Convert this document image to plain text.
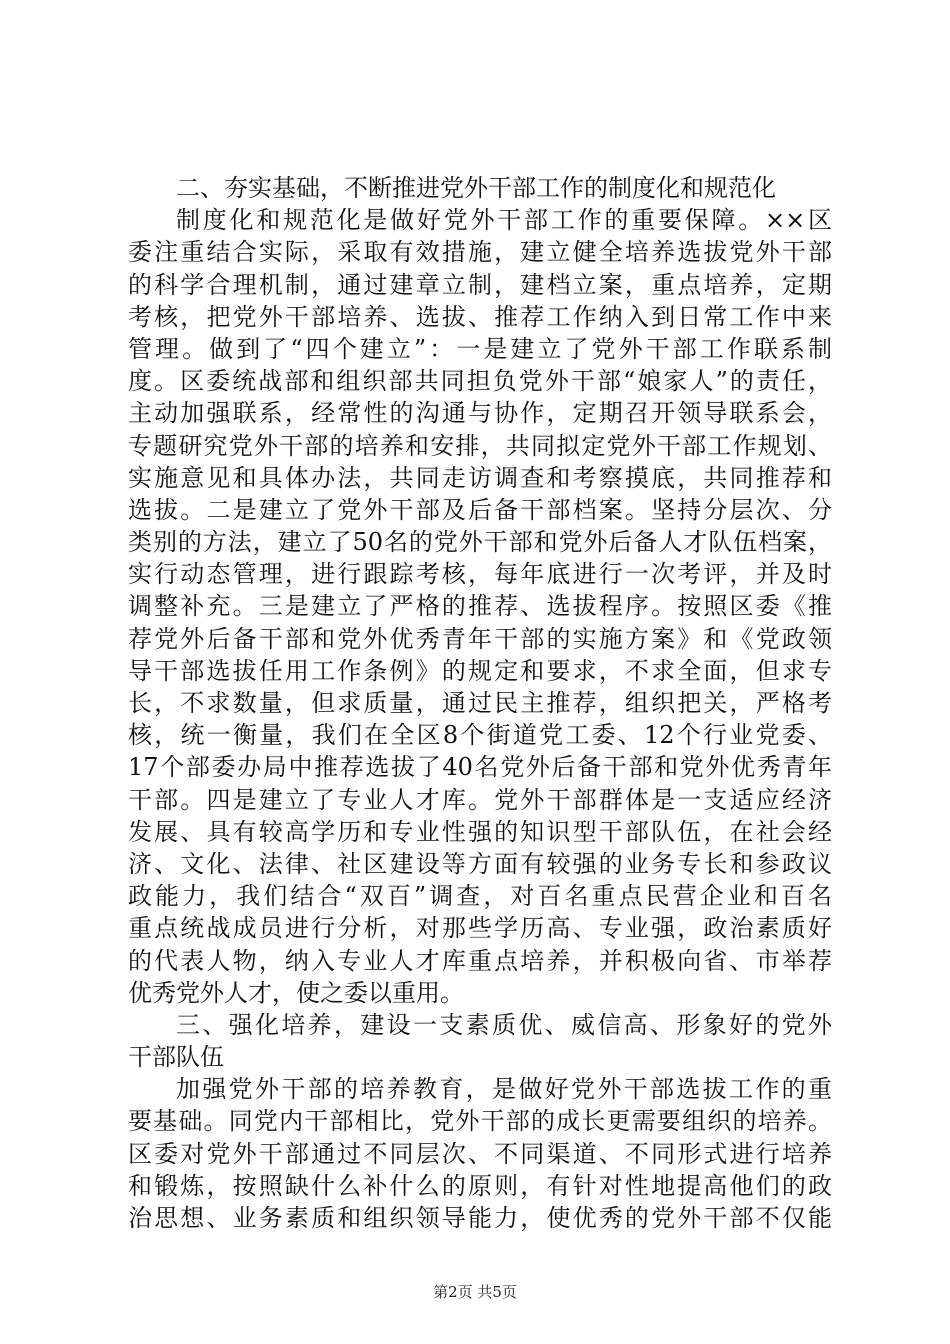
二、夯实基础，不断推进党外干部工作的制度化和规范化
制度化和规范化是做好党外干部工作的重要保障。××区
委注重结合实际，采取有效措施，建立健全培养选拔党外干部
的科学合理机制，通过建章立制，建档立案，重点培养，定期
考核，把党外干部培养、选拔、推荐工作纳入到日常工作中来
管理。做到了“四个建立”：一是建立了党外干部工作联系制
度。区委统战部和组织部共同担负党外干部“娘家人”的责任，
主动加强联系，经常性的沟通与协作，定期召开领导联系会，
专题研究党外干部的培养和安排，共同拟定党外干部工作规划、
实施意见和具体办法，共同走访调查和考察摸底，共同推荐和
选拔。二是建立了党外干部及后备干部档案。坚持分层次、分
类别的方法，建立了50名的党外干部和党外后备人才队伍档案，
实行动态管理，进行跟踪考核，每年底进行一次考评，并及时
调整补充。三是建立了严格的推荐、选拔程序。按照区委《推
荐党外后备干部和党外优秀青年干部的实施方案》和《党政领
导干部选拔任用工作条例》的规定和要求，不求全面，但求专
长，不求数量，但求质量，通过民主推荐，组织把关，严格考
核，统一衡量，我们在全区8个街道党工委、12个行业党委、
17个部委办局中推荐选拔了40名党外后备干部和党外优秀青年
干部。四是建立了专业人才库。党外干部群体是一支适应经济
发展、具有较高学历和专业性强的知识型干部队伍，在社会经
济、文化、法律、社区建设等方面有较强的业务专长和参政议
政能力，我们结合“双百”调查，对百名重点民营企业和百名
重点统战成员进行分析，对那些学历高、专业强，政治素质好
的代表人物，纳入专业人才库重点培养，并积极向省、市举荐
优秀党外人才，使之委以重用。
三、强化培养，建设一支素质优、威信高、形象好的党外
干部队伍
加强党外干部的培养教育，是做好党外干部选拔工作的重
要基础。同党内干部相比，党外干部的成长更需要组织的培养。
区委对党外干部通过不同层次、不同渠道、不同形式进行培养
和锻炼，按照缺什么补什么的原则，有针对性地提高他们的政
治思想、业务素质和组织领导能力，使优秀的党外干部不仅能
第2页 共5页
